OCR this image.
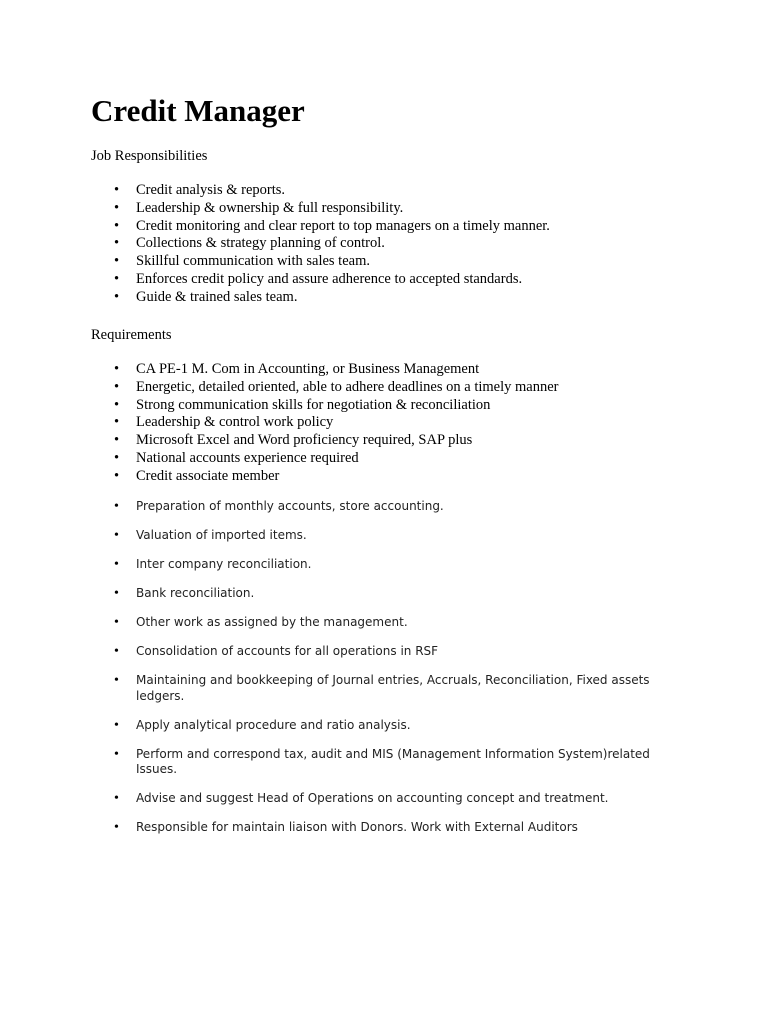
Credit Manager

Job Responsibilities

• Credit analysis & reports.
• Leadership & ownership & full responsibility.
• Credit monitoring and clear report to top managers on a timely manner.
• Collections & strategy planning of control.
• Skillful communication with sales team.
• Enforces credit policy and assure adherence to accepted standards.
• Guide & trained sales team.

Requirements

• CA PE-1 M. Com in Accounting, or Business Management
• Energetic, detailed oriented, able to adhere deadlines on a timely manner
• Strong communication skills for negotiation & reconciliation
• Leadership & control work policy
• Microsoft Excel and Word proficiency required, SAP plus
• National accounts experience required
• Credit associate member
• Preparation of monthly accounts, store accounting.
• Valuation of imported items.
• Inter company reconciliation.
• Bank reconciliation.
• Other work as assigned by the management.
• Consolidation of accounts for all operations in RSF
• Maintaining and bookkeeping of Journal entries, Accruals, Reconciliation, Fixed assets ledgers.
• Apply analytical procedure and ratio analysis.
• Perform and correspond tax, audit and MIS (Management Information System)related Issues.
• Advise and suggest Head of Operations on accounting concept and treatment.
• Responsible for maintain liaison with Donors. Work with External Auditors
